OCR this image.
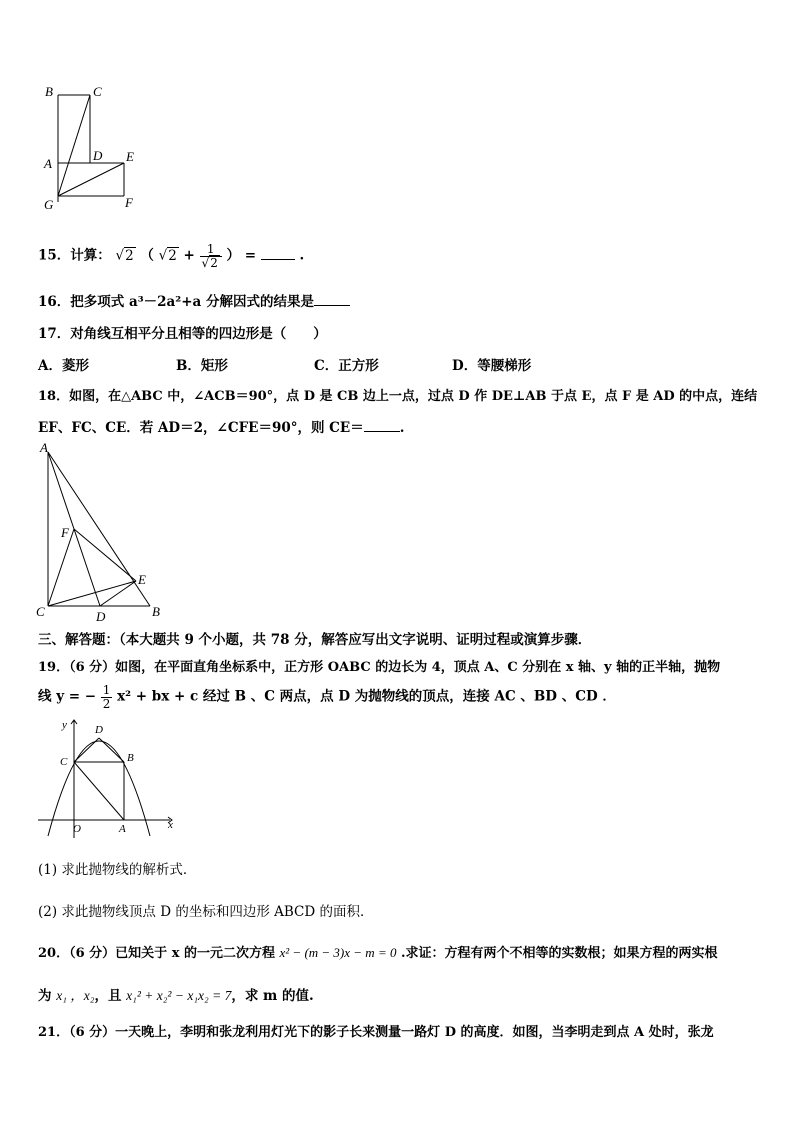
B	C
A
D E
G	F
15．计算： √2 （ $√2 + \frac{1}{√2}$ ） =	.
16．把多项式 a³－2a²+a 分解因式的结果是
17．对角线互相平分且相等的四边形是（　　）
A．菱形	B．矩形	C．正方形	D．等腰梯形
18．如图，在△ABC 中，∠ACB＝90°，点 D 是 CB 边上一点，过点 D 作 DE⊥AB 于点 E，点 F 是 AD 的中点，连结
EF、FC、CE．若 AD＝2，∠CFE＝90°，则 CE＝	.
A
F
E
C	D	B
三、解答题：（本大题共 9 个小题，共 78 分，解答应写出文字说明、证明过程或演算步骤．
19．（6 分）如图，在平面直角坐标系中，正方形 OABC 的边长为 4，顶点 A、C 分别在 x 轴、y 轴的正半轴，抛物
线 y = − $\frac{1}{2} x^2$ + bx + c 经过 B 、C 两点，点 D 为抛物线的顶点，连接 AC 、BD 、CD ．
y
x
D
C	B
O	A
(1) 求此抛物线的解析式．
(2) 求此抛物线顶点 D 的坐标和四边形 ABCD 的面积．
20．（6 分）已知关于 x 的一元二次方程 x² − (m − 3)x − m = 0 .求证：方程有两个不相等的实数根；如果方程的两实根
为 x₁ ，x₂，且 x₁² + x₂² − x₁x₂ = 7，求 m 的值.
21．（6 分）一天晚上，李明和张龙利用灯光下的影子长来测量一路灯 D 的高度．如图，当李明走到点 A 处时，张龙
